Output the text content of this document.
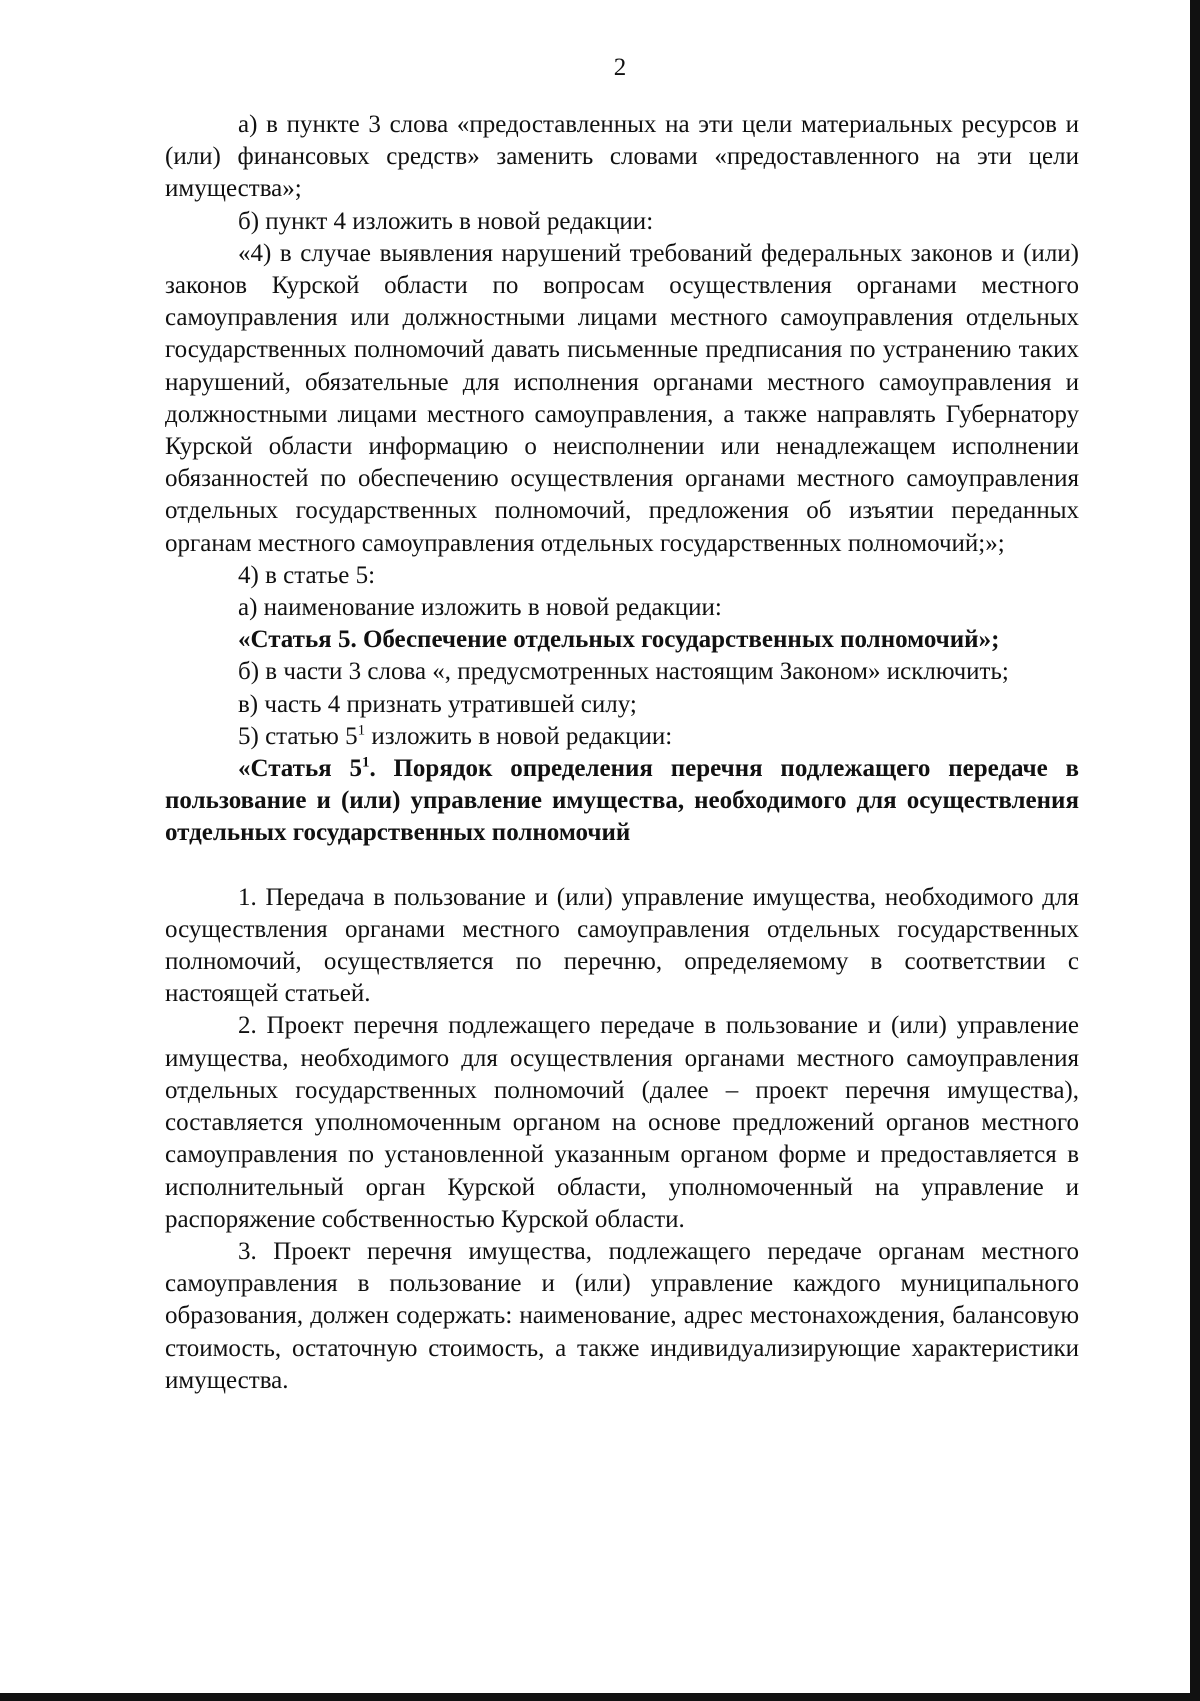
2

а) в пункте 3 слова «предоставленных на эти цели материальных ресурсов и (или) финансовых средств» заменить словами «предоставленного на эти цели имущества»;

б) пункт 4 изложить в новой редакции:

«4) в случае выявления нарушений требований федеральных законов и (или) законов Курской области по вопросам осуществления органами местного самоуправления или должностными лицами местного самоуправления отдельных государственных полномочий давать письменные предписания по устранению таких нарушений, обязательные для исполнения органами местного самоуправления и должностными лицами местного самоуправления, а также направлять Губернатору Курской области информацию о неисполнении или ненадлежащем исполнении обязанностей по обеспечению осуществления органами местного самоуправления отдельных государственных полномочий, предложения об изъятии переданных органам местного самоуправления отдельных государственных полномочий;»;

4) в статье 5:

а) наименование изложить в новой редакции:

«Статья 5. Обеспечение отдельных государственных полномочий»;

б) в части 3 слова «, предусмотренных настоящим Законом» исключить;

в) часть 4 признать утратившей силу;

5) статью $5^1$ изложить в новой редакции:

«Статья $5^1$. Порядок определения перечня подлежащего передаче в пользование и (или) управление имущества, необходимого для осуществления отдельных государственных полномочий

1. Передача в пользование и (или) управление имущества, необходимого для осуществления органами местного самоуправления отдельных государственных полномочий, осуществляется по перечню, определяемому в соответствии с настоящей статьей.

2. Проект перечня подлежащего передаче в пользование и (или) управление имущества, необходимого для осуществления органами местного самоуправления отдельных государственных полномочий (далее – проект перечня имущества), составляется уполномоченным органом на основе предложений органов местного самоуправления по установленной указанным органом форме и предоставляется в исполнительный орган Курской области, уполномоченный на управление и распоряжение собственностью Курской области.

3. Проект перечня имущества, подлежащего передаче органам местного самоуправления в пользование и (или) управление каждого муниципального образования, должен содержать: наименование, адрес местонахождения, балансовую стоимость, остаточную стоимость, а также индивидуализирующие характеристики имущества.
